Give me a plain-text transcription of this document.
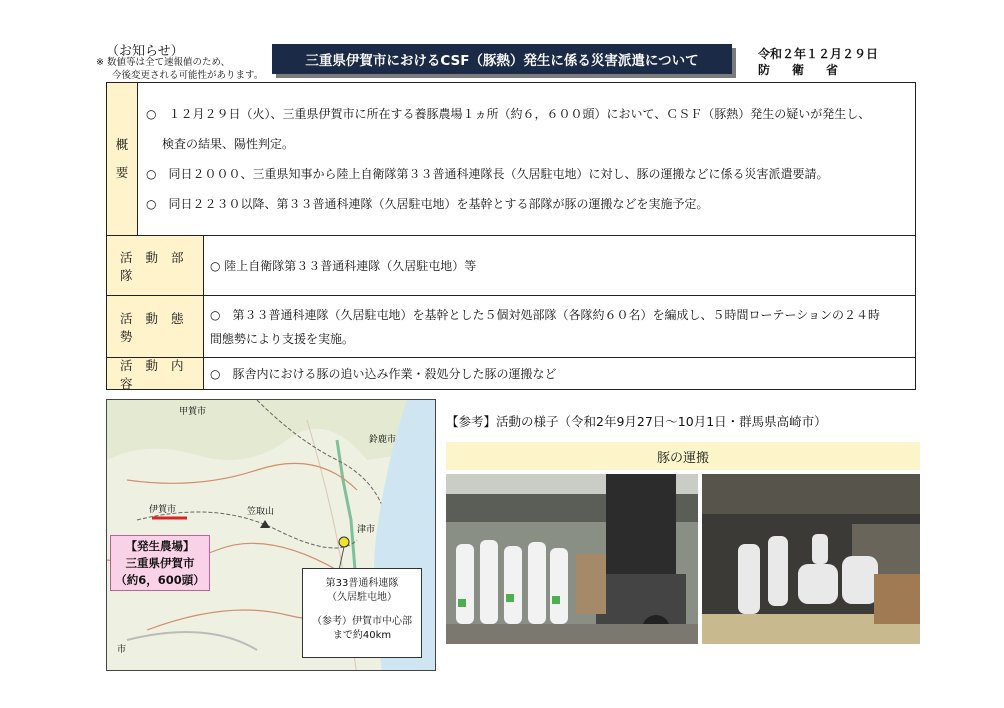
（お知らせ）
※ 数値等は全て速報値のため、
今後変更される可能性があります。
三重県伊賀市におけるCSF（豚熱）発生に係る災害派遣について	令和２年１２月２９日
防衛省
概
要
○　１２月２９日（火）、三重県伊賀市に所在する養豚農場１ヵ所（約６，６００頭）において、ＣＳＦ（豚熱）発生の疑いが発生し、
検査の結果、陽性判定。
○　同日２０００、三重県知事から陸上自衛隊第３３普通科連隊長（久居駐屯地）に対し、豚の運搬などに係る災害派遣要請。
○　同日２２３０以降、第３３普通科連隊（久居駐屯地）を基幹とする部隊が豚の運搬などを実施予定。
活動部隊
○ 陸上自衛隊第３３普通科連隊（久居駐屯地）等
活動態勢
○　第３３普通科連隊（久居駐屯地）を基幹とした５個対処部隊（各隊約６０名）を編成し、５時間ローテーションの２４時
間態勢により支援を実施。
活動内容
○　豚舎内における豚の追い込み作業・殺処分した豚の運搬など
甲賀市
鈴鹿市
伊賀市
津市
笠取山
市
【発生農場】
三重県伊賀市
（約6，600頭）	第33普通科連隊
（久居駐屯地）
（参考）伊賀市中心部
まで約40km
【参考】活動の様子（令和2年9月27日～10月1日・群馬県高崎市）
豚の運搬
